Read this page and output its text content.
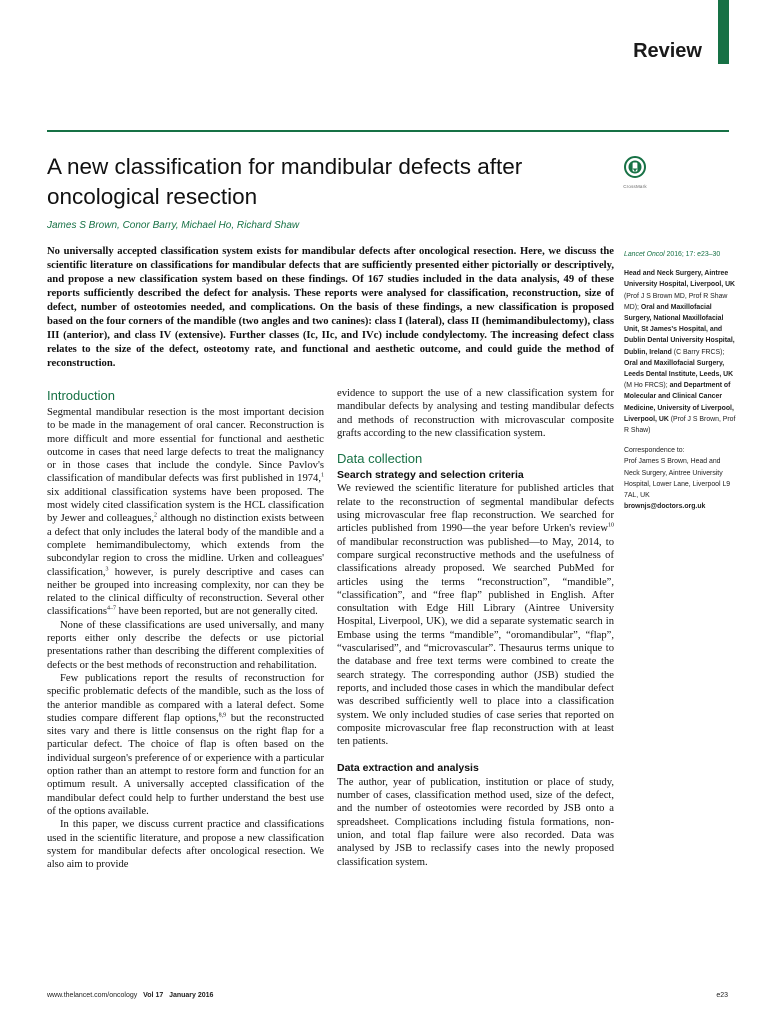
Review
A new classification for mandibular defects after oncological resection	CrossMark
James S Brown, Conor Barry, Michael Ho, Richard Shaw

No universally accepted classification system exists for mandibular defects after oncological resection. Here, we discuss the scientific literature on classifications for mandibular defects that are sufficiently presented either pictorially or descriptively, and propose a new classification system based on these findings. Of 167 studies included in the data analysis, 49 of these reports sufficiently described the defect for analysis. These reports were analysed for classification, reconstruction, size of defect, number of osteotomies needed, and complications. On the basis of these findings, a new classification is proposed based on the four corners of the mandible (two angles and two canines): class I (lateral), class II (hemimandibulectomy), class III (anterior), and class IV (extensive). Further classes (Ic, IIc, and IVc) include condylectomy. The increasing defect class relates to the size of the defect, osteotomy rate, and functional and aesthetic outcome, and could guide the method of reconstruction.

Lancet Oncol 2016; 17: e23–30

Head and Neck Surgery, Aintree University Hospital, Liverpool, UK (Prof J S Brown MD, Prof R Shaw MD); Oral and Maxillofacial Surgery, National Maxillofacial Unit, St James's Hospital, and Dublin Dental University Hospital, Dublin, Ireland (C Barry FRCS); Oral and Maxillofacial Surgery, Leeds Dental Institute, Leeds, UK (M Ho FRCS); and Department of Molecular and Clinical Cancer Medicine, University of Liverpool, Liverpool, UK (Prof J S Brown, Prof R Shaw)

Correspondence to:

Prof James S Brown, Head and Neck Surgery, Aintree University Hospital, Lower Lane, Liverpool L9 7AL, UK

brownjs@doctors.org.uk

Introduction

Segmental mandibular resection is the most important decision to be made in the management of oral cancer. Reconstruction is more difficult and more essential for functional and aesthetic outcome in cases that need large defects to treat the malignancy or in those cases that include the condyle. Since Pavlov's classification of mandibular defects was first published in 1974,$^1$ six additional classification systems have been proposed. The most widely cited classification system is the HCL classification by Jewer and colleagues,$^2$ although no distinction exists between a defect that only includes the lateral body of the mandible and a complete hemimandibulectomy, which extends from the subcondylar region to cross the midline. Urken and colleagues' classification,$^3$ however, is purely descriptive and cases can neither be grouped into increasing complexity, nor can they be related to the clinical difficulty of reconstruction. Several other classifications$^{4-7}$ have been reported, but are not generally cited.

None of these classifications are used universally, and many reports either only describe the defects or use pictorial presentations rather than describing the different complexities of defects or the best methods of reconstruction and rehabilitation.

Few publications report the results of reconstruction for specific problematic defects of the mandible, such as the loss of the anterior mandible as compared with a lateral defect. Some studies compare different flap options,$^{8,9}$ but the reconstructed sites vary and there is little consensus on the right flap for a particular defect. The choice of flap is often based on the individual surgeon's preference of or experience with a particular option rather than an attempt to restore form and function for an optimum result. A universally accepted classification of the mandibular defect could help to further understand the best use of the options available.

In this paper, we discuss current practice and classifications used in the scientific literature, and propose a new classification system for mandibular defects after oncological resection. We also aim to provide

evidence to support the use of a new classification system for mandibular defects by analysing and testing mandibular defects and methods of reconstruction with microvascular composite grafts according to the new classification system.

Data collection
Search strategy and selection criteria

We reviewed the scientific literature for published articles that relate to the reconstruction of segmental mandibular defects using microvascular free flap reconstruction. We searched for articles published from 1990—the year before Urken's review$^{10}$ of mandibular reconstruction was published—to May, 2014, to compare surgical reconstructive methods and the usefulness of classifications already proposed. We searched PubMed for articles using the terms “reconstruction”, “mandible”, “classification”, and “free flap” published in English. After consultation with Edge Hill Library (Aintree University Hospital, Liverpool, UK), we did a separate systematic search in Embase using the terms “mandible”, “oromandibular”, “flap”, “vascularised”, and “microvascular”. Thesaurus terms unique to the database and free text terms were combined to create the search strategy. The corresponding author (JSB) studied the reports, and included those cases in which the mandibular defect was described sufficiently well to place into a classification system. We only included studies of case series that reported on composite microvascular free flap reconstruction with at least ten patients.

Data extraction and analysis

The author, year of publication, institution or place of study, number of cases, classification method used, size of the defect, and the number of osteotomies were recorded by JSB onto a spreadsheet. Complications including fistula formations, non-union, and total flap failure were also recorded. Data was analysed by JSB to reclassify cases into the newly proposed classification system.

www.thelancet.com/oncology Vol 17 January 2016	e23
